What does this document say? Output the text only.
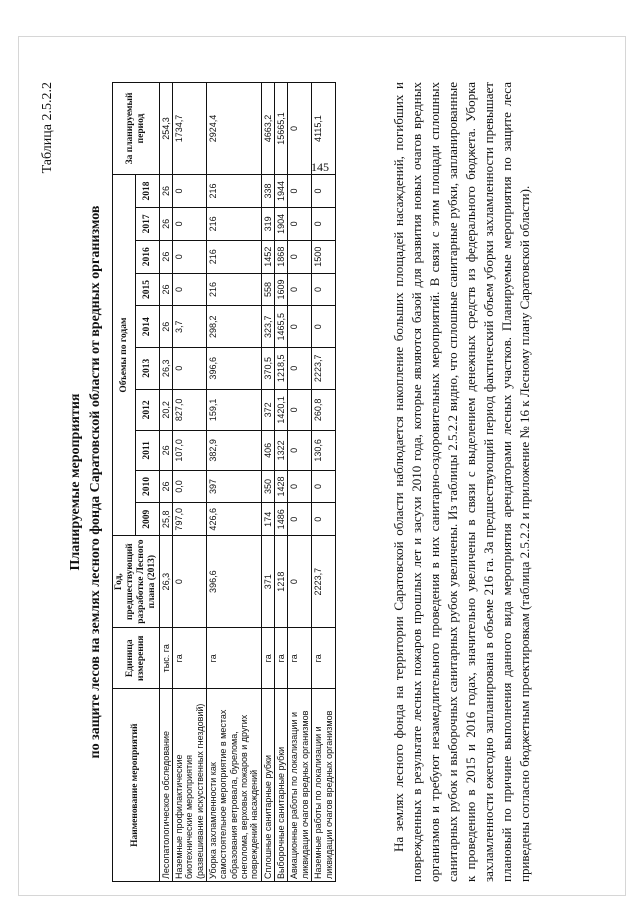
145
Таблица 2.5.2.2
Планируемые мероприятия по защите лесов на землях лесного фонда Саратовской области от вредных организмов
Наименование мероприятий	Единица измерения	Год, предшествующий разработке Лесного плана (2013)	Объемы по годам										За планируемый период
			2009	2010	2011	2012	2013	2014	2015	2016	2017	2018	
Лесопатологическое обследование	тыс. га	26,3	25,8	26	26	20,2	26,3	26	26	26	26	26	254,3
Наземные профилактические биотехнические мероприятия (развешивание искусственных гнездовий)	га	0	797,0	0,0	107,0	827,0	0	3,7	0	0	0	0	1734,7
Уборка захламленности как самостоятельное мероприятие в местах образования ветровала, бурелома, снеголома, верховых пожаров и других повреждений насаждений	га	396,6	426,6	397	382,9	159,1	396,6	298,2	216	216	216	216	2924,4
Сплошные санитарные рубки	га	371	174	350	406	372	370,5	323,7	558	1452	319	338	4663,2
Выборочные санитарные рубки	га	1218	1486	1428	1322	1420,1	1218,5	1465,5	1609	1868	1904	1944	15665,1
Авиационные работы по локализации и ликвидации очагов вредных организмов	га	0	0	0	0	0	0	0	0	0	0	0	0
Наземные работы по локализации и ликвидации очагов вредных организмов	га	2223,7	0	0	130,6	260,8	2223,7	0	0	1500	0	0	4115,1	На землях лесного фонда на территории Саратовской области наблюдается накопление больших площадей насаждений, погибших и поврежденных в результате лесных пожаров прошлых лет и засухи 2010 года, которые являются базой для развития новых очагов вредных организмов и требуют незамедлительного проведения в них санитарно-оздоровительных мероприятий. В связи с этим площади сплошных санитарных рубок и выборочных санитарных рубок увеличены. Из таблицы 2.5.2.2 видно, что сплошные санитарные рубки, запланированные к проведению в 2015 и 2016 годах, значительно увеличены в связи с выделением денежных средств из федерального бюджета. Уборка захламленности ежегодно запланирована в объеме 216 га. За предшествующий период фактический объем уборки захламленности превышает плановый по причине выполнения данного вида мероприятия арендаторами лесных участков. Планируемые мероприятия по защите леса приведены согласно бюджетным проектировкам (таблица 2.5.2.2 и приложение № 16 к Лесному плану Саратовской области).
